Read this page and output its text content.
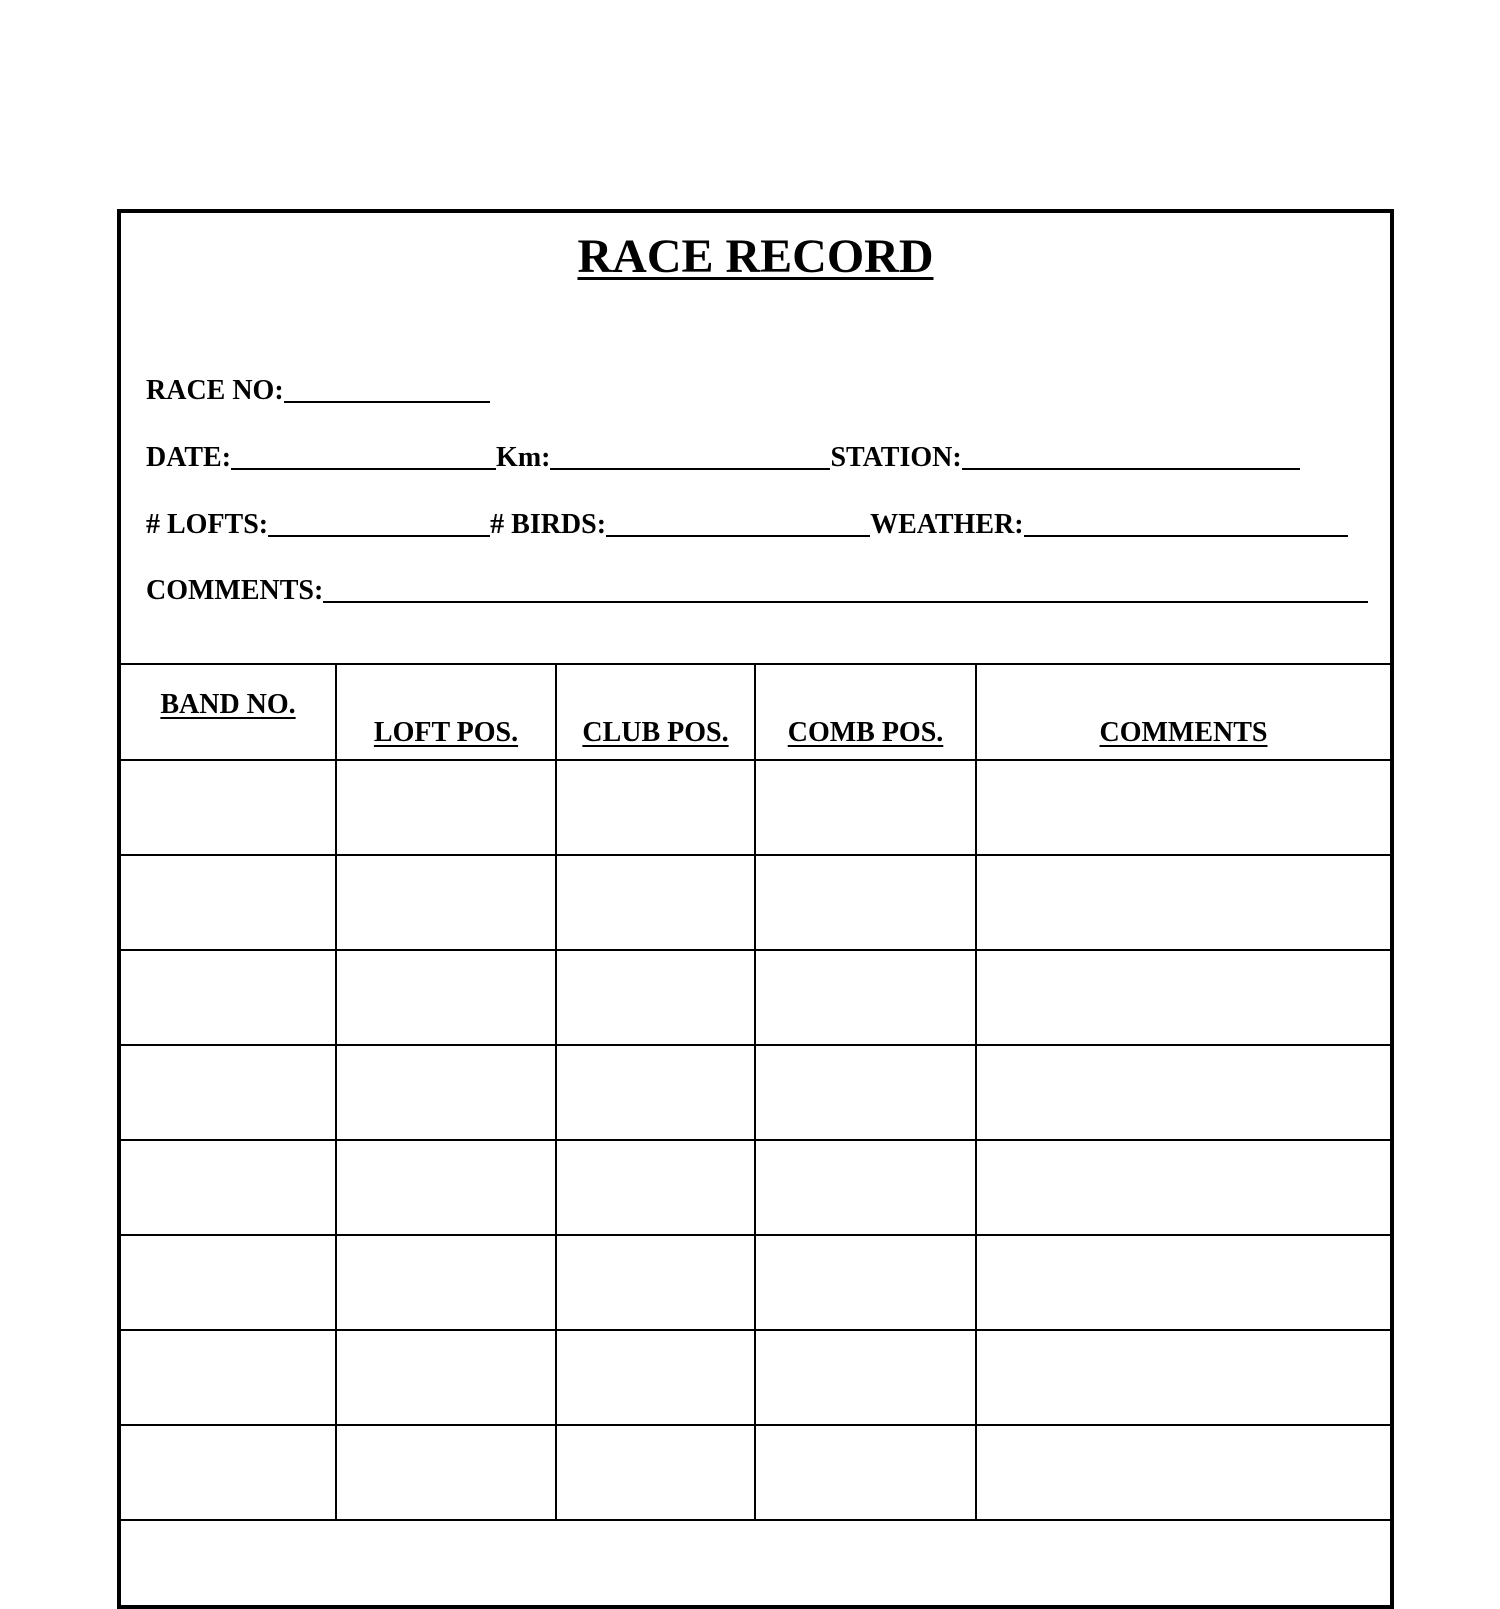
RACE RECORD
RACE NO:
DATE:	Km:	STATION:
# LOFTS:	# BIRDS:	WEATHER:
COMMENTS:
BAND NO.	LOFT POS.	CLUB POS.	COMB POS.	COMMENTS
